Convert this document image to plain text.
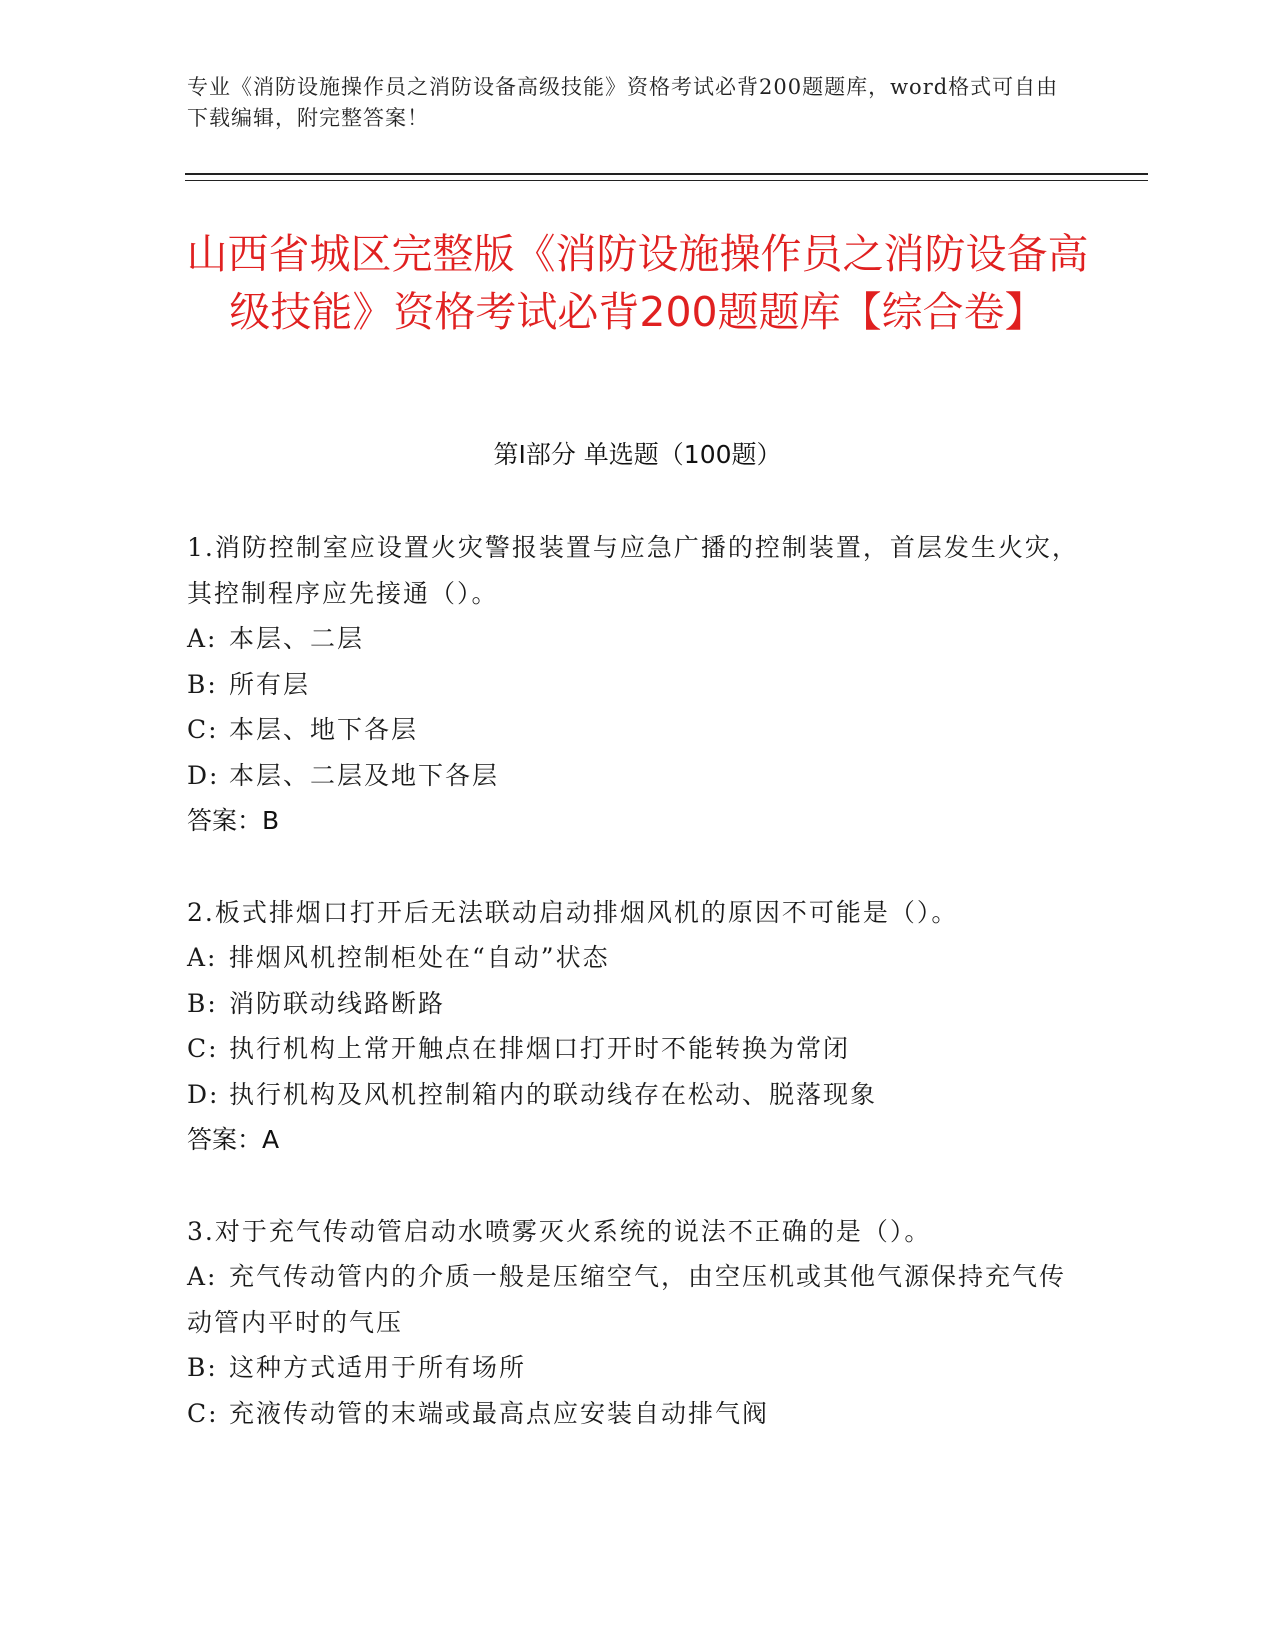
专业《消防设施操作员之消防设备高级技能》资格考试必背200题题库，word格式可自由下载编辑，附完整答案！

山西省城区完整版《消防设施操作员之消防设备高级技能》资格考试必背200题题库【综合卷】
第Ⅰ部分 单选题（100题）

1.消防控制室应设置火灾警报装置与应急广播的控制装置，首层发生火灾，其控制程序应先接通（）。

A: 本层、二层

B: 所有层

C: 本层、地下各层

D: 本层、二层及地下各层

答案：B

2.板式排烟口打开后无法联动启动排烟风机的原因不可能是（）。

A: 排烟风机控制柜处在“自动”状态

B: 消防联动线路断路

C: 执行机构上常开触点在排烟口打开时不能转换为常闭

D: 执行机构及风机控制箱内的联动线存在松动、脱落现象

答案：A

3.对于充气传动管启动水喷雾灭火系统的说法不正确的是（）。

A: 充气传动管内的介质一般是压缩空气，由空压机或其他气源保持充气传动管内平时的气压

B: 这种方式适用于所有场所

C: 充液传动管的末端或最高点应安装自动排气阀
